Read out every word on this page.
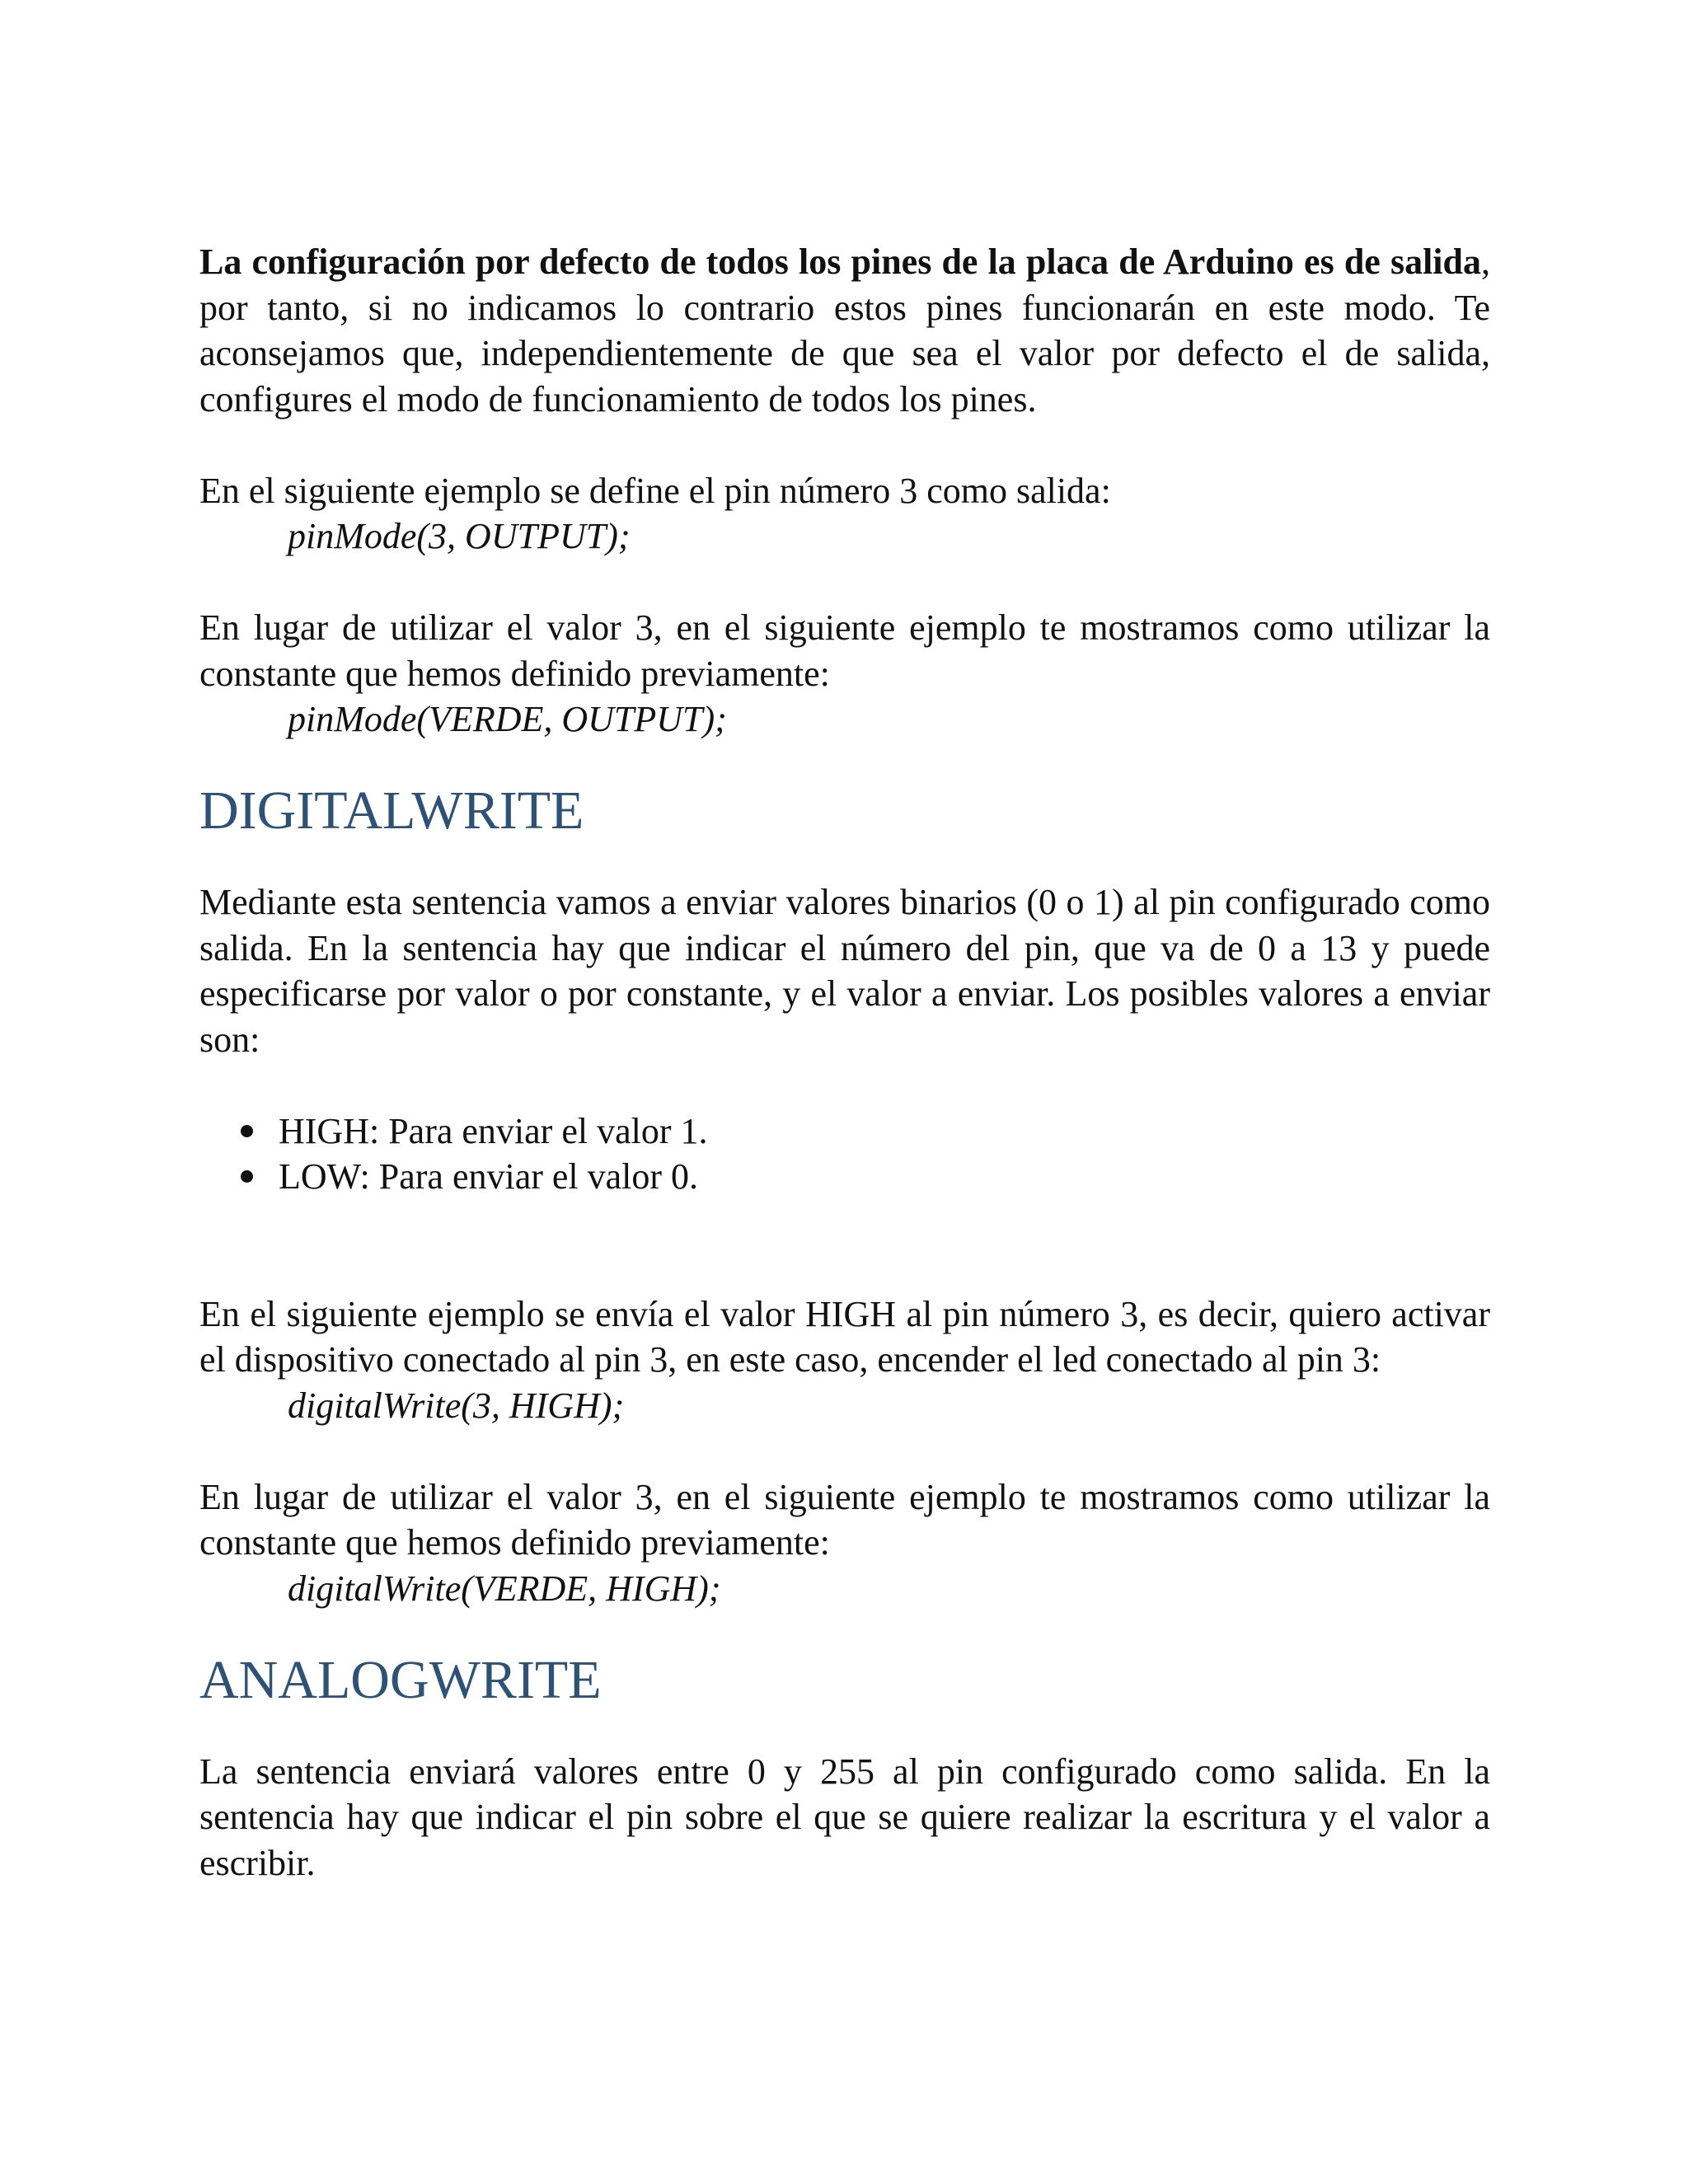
La configuración por defecto de todos los pines de la placa de Arduino es de salida, por tanto, si no indicamos lo contrario estos pines funcionarán en este modo. Te aconsejamos que, independientemente de que sea el valor por defecto el de salida, configures el modo de funcionamiento de todos los pines.

En el siguiente ejemplo se define el pin número 3 como salida:

pinMode(3, OUTPUT);

En lugar de utilizar el valor 3, en el siguiente ejemplo te mostramos como utilizar la constante que hemos definido previamente:

pinMode(VERDE, OUTPUT);

DIGITALWRITE

Mediante esta sentencia vamos a enviar valores binarios (0 o 1) al pin configurado como salida. En la sentencia hay que indicar el número del pin, que va de 0 a 13 y puede especificarse por valor o por constante, y el valor a enviar. Los posibles valores a enviar son:

HIGH: Para enviar el valor 1.
LOW: Para enviar el valor 0.

En el siguiente ejemplo se envía el valor HIGH al pin número 3, es decir, quiero activar el dispositivo conectado al pin 3, en este caso, encender el led conectado al pin 3:

digitalWrite(3, HIGH);

En lugar de utilizar el valor 3, en el siguiente ejemplo te mostramos como utilizar la constante que hemos definido previamente:

digitalWrite(VERDE, HIGH);

ANALOGWRITE

La sentencia enviará valores entre 0 y 255 al pin configurado como salida. En la sentencia hay que indicar el pin sobre el que se quiere realizar la escritura y el valor a escribir.
